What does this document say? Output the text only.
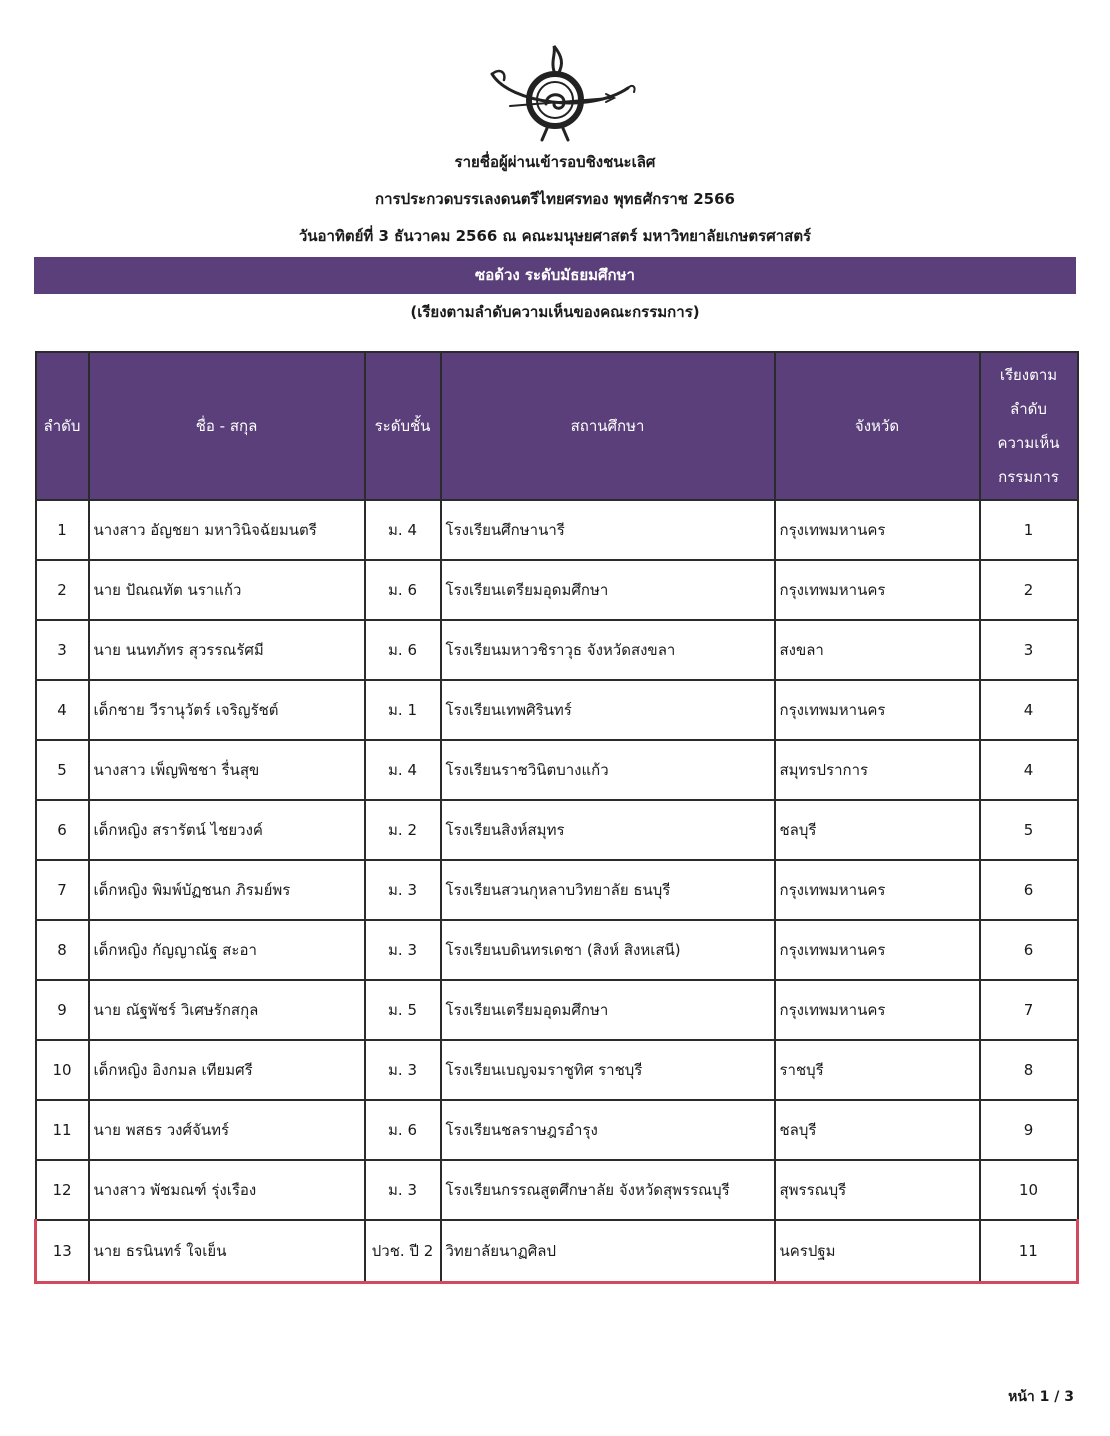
รายชื่อผู้ผ่านเข้ารอบชิงชนะเลิศ
การประกวดบรรเลงดนตรีไทยศรทอง พุทธศักราช 2566
วันอาทิตย์ที่ 3 ธันวาคม 2566 ณ คณะมนุษยศาสตร์ มหาวิทยาลัยเกษตรศาสตร์
ซอด้วง ระดับมัธยมศึกษา
(เรียงตามลำดับความเห็นของคณะกรรมการ)
ลำดับ	ชื่อ - สกุล	ระดับชั้น	สถานศึกษา	จังหวัด	เรียงตาม
ลำดับ
ความเห็น
กรรมการ
1	นางสาว อัญชยา มหาวินิจฉัยมนตรี	ม. 4	โรงเรียนศึกษานารี	กรุงเทพมหานคร	1
2	นาย ปัณณทัต นราแก้ว	ม. 6	โรงเรียนเตรียมอุดมศึกษา	กรุงเทพมหานคร	2
3	นาย นนทภัทร สุวรรณรัศมี	ม. 6	โรงเรียนมหาวชิราวุธ จังหวัดสงขลา	สงขลา	3
4	เด็กชาย วีรานุวัตร์ เจริญรัชต์	ม. 1	โรงเรียนเทพศิรินทร์	กรุงเทพมหานคร	4
5	นางสาว เพ็ญพิชชา รื่นสุข	ม. 4	โรงเรียนราชวินิตบางแก้ว	สมุทรปราการ	4
6	เด็กหญิง สรารัตน์ ไชยวงค์	ม. 2	โรงเรียนสิงห์สมุทร	ชลบุรี	5
7	เด็กหญิง พิมพ์บัฏชนก ภิรมย์พร	ม. 3	โรงเรียนสวนกุหลาบวิทยาลัย ธนบุรี	กรุงเทพมหานคร	6
8	เด็กหญิง กัญญาณัฐ สะอา	ม. 3	โรงเรียนบดินทรเดชา (สิงห์ สิงหเสนี)	กรุงเทพมหานคร	6
9	นาย ณัฐพัชร์ วิเศษรักสกุล	ม. 5	โรงเรียนเตรียมอุดมศึกษา	กรุงเทพมหานคร	7
10	เด็กหญิง อิงกมล เทียมศรี	ม. 3	โรงเรียนเบญจมราชูทิศ ราชบุรี	ราชบุรี	8
11	นาย พสธร วงศ์จันทร์	ม. 6	โรงเรียนชลราษฎรอำรุง	ชลบุรี	9
12	นางสาว พัชมณฑ์ รุ่งเรือง	ม. 3	โรงเรียนกรรณสูตศึกษาลัย จังหวัดสุพรรณบุรี	สุพรรณบุรี	10
13	นาย ธรนินทร์ ใจเย็น	ปวช. ปี 2	วิทยาลัยนาฏศิลป	นครปฐม	11
หน้า 1 / 3
